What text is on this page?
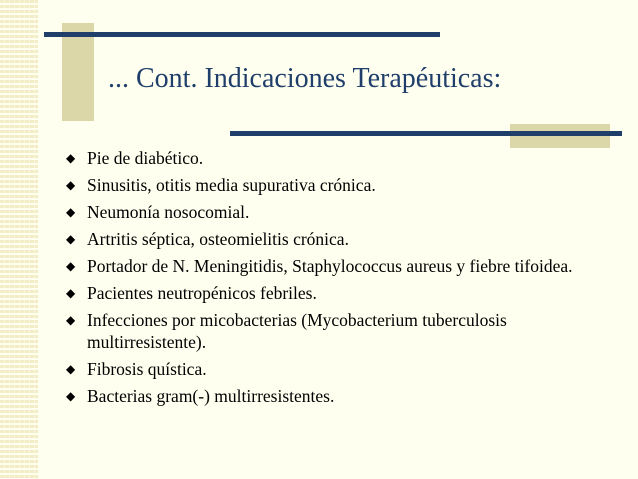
... Cont. Indicaciones Terapéuticas:
◆ Pie de diabético.
◆ Sinusitis, otitis media supurativa crónica.
◆ Neumonía nosocomial.
◆ Artritis séptica, osteomielitis crónica.
◆ Portador de N. Meningitidis, Staphylococcus aureus y fiebre tifoidea.
◆ Pacientes neutropénicos febriles.
◆ Infecciones por micobacterias (Mycobacterium tuberculosis multirresistente).
◆ Fibrosis quística.
◆ Bacterias gram(-) multirresistentes.
